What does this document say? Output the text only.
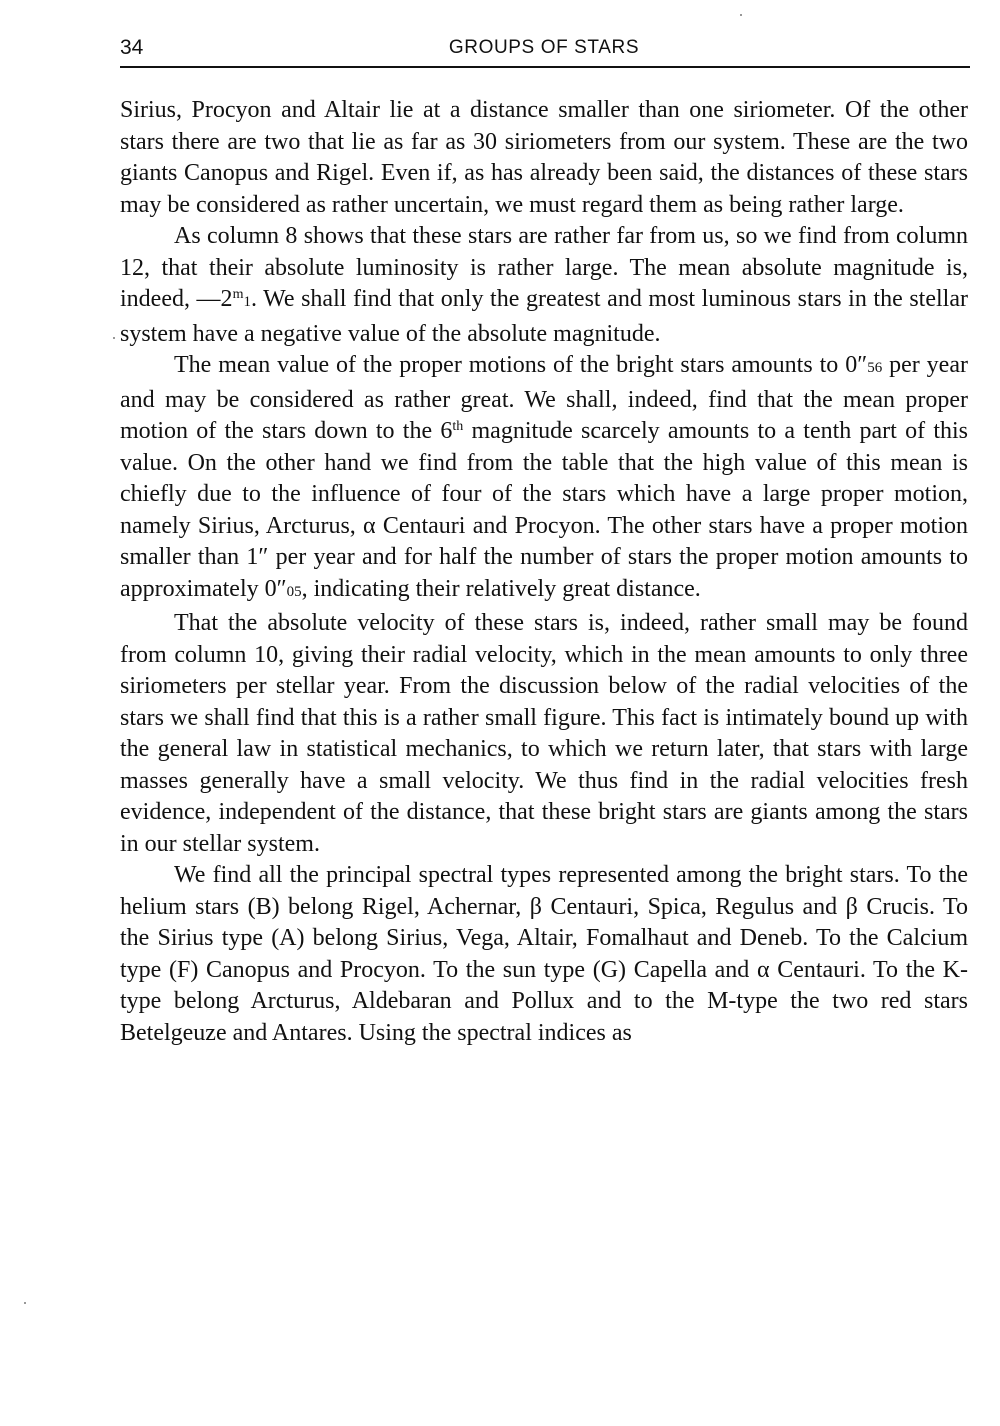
34	GROUPS OF STARS

Sirius, Procyon and Altair lie at a distance smaller than one siriometer. Of the other stars there are two that lie as far as 30 siriometers from our system. These are the two giants Canopus and Rigel. Even if, as has already been said, the distances of these stars may be considered as rather uncertain, we must regard them as being rather large.

As column 8 shows that these stars are rather far from us, so we find from column 12, that their absolute luminosity is rather large. The mean absolute magnitude is, indeed, —2$^m$1. We shall find that only the greatest and most luminous stars in the stellar system have a negative value of the absolute magnitude.

The mean value of the proper motions of the bright stars amounts to 0″56 per year and may be considered as rather great. We shall, indeed, find that the mean proper motion of the stars down to the 6th magnitude scarcely amounts to a tenth part of this value. On the other hand we find from the table that the high value of this mean is chiefly due to the influence of four of the stars which have a large proper motion, namely Sirius, Arcturus, α Centauri and Procyon. The other stars have a proper motion smaller than 1″ per year and for half the number of stars the proper motion amounts to approximately 0″05, indicating their relatively great distance.

That the absolute velocity of these stars is, indeed, rather small may be found from column 10, giving their radial velocity, which in the mean amounts to only three siriometers per stellar year. From the discussion below of the radial velocities of the stars we shall find that this is a rather small figure. This fact is intimately bound up with the general law in statistical mechanics, to which we return later, that stars with large masses generally have a small velocity. We thus find in the radial velocities fresh evidence, independent of the distance, that these bright stars are giants among the stars in our stellar system.

We find all the principal spectral types represented among the bright stars. To the helium stars (B) belong Rigel, Achernar, β Centauri, Spica, Regulus and β Crucis. To the Sirius type (A) belong Sirius, Vega, Altair, Fomalhaut and Deneb. To the Calcium type (F) Canopus and Procyon. To the sun type (G) Capella and α Centauri. To the K-type belong Arcturus, Aldebaran and Pollux and to the M-type the two red stars Betelgeuze and Antares. Using the spectral indices as
